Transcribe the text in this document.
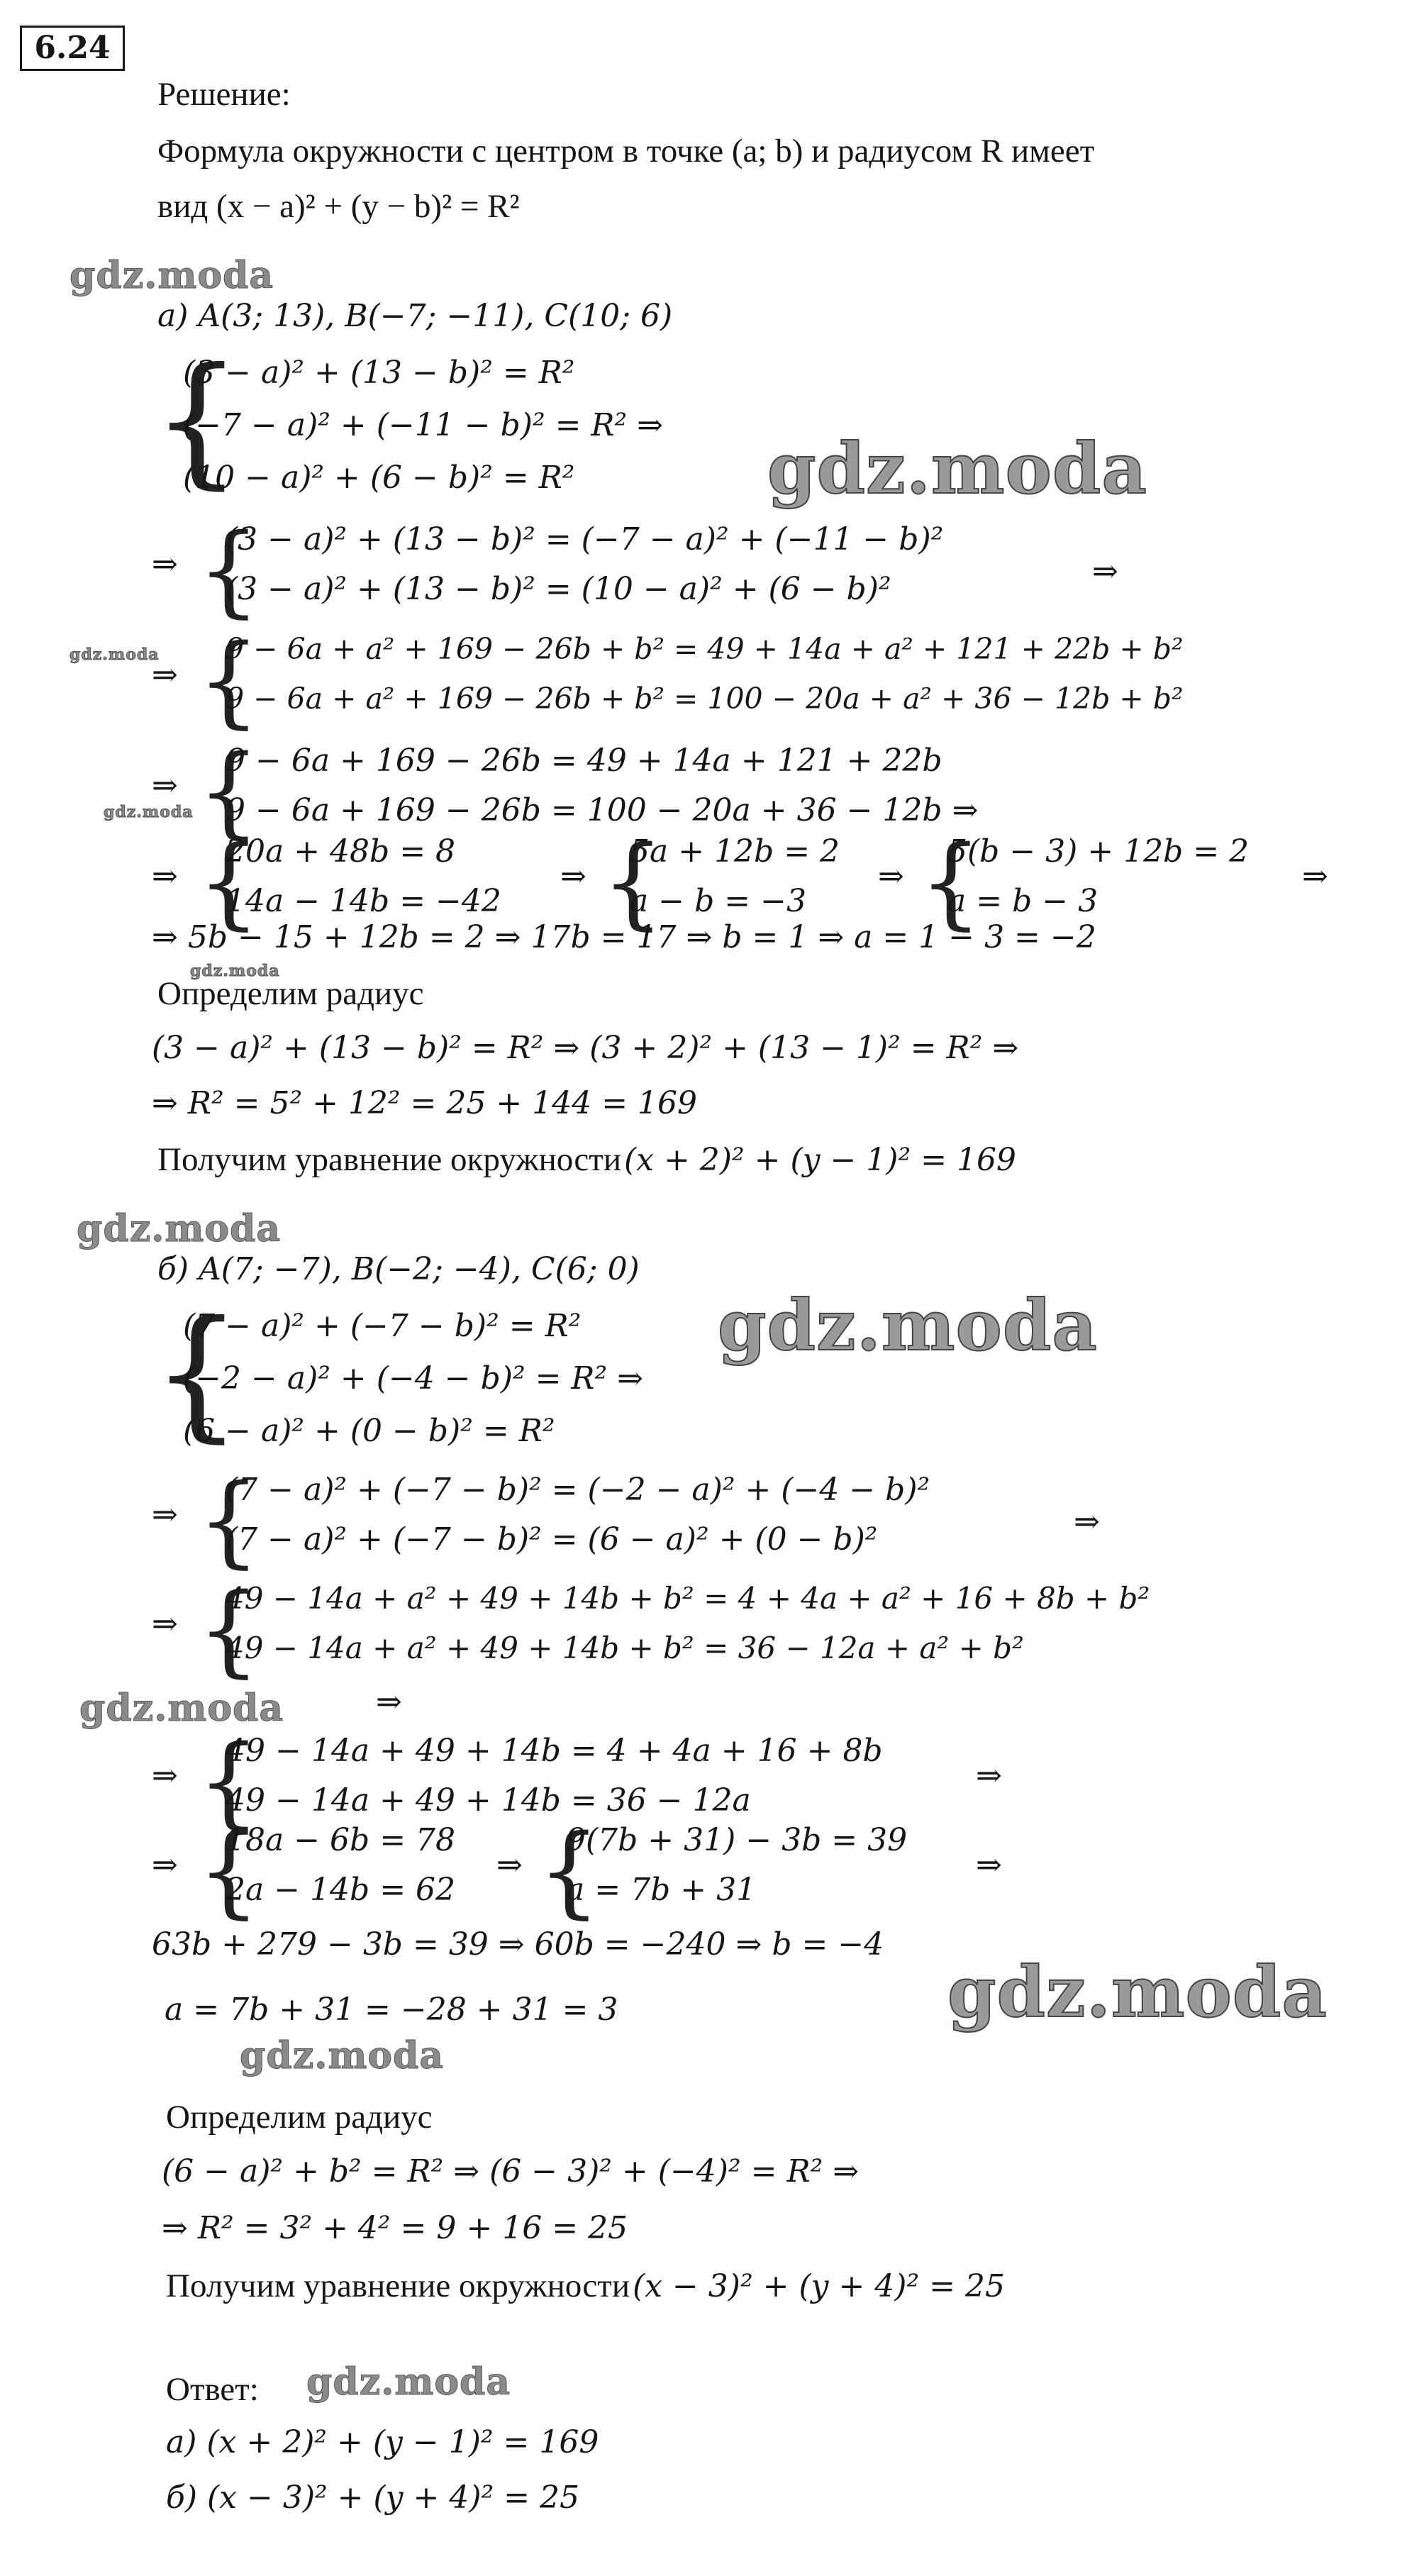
6.24
Решение:
Формула окружности с центром в точке (a; b) и радиусом R имеет
вид (x − a)² + (y − b)² = R²
gdz.moda
а) A(3; 13), B(−7; −11), C(10; 6)
{
(3 − a)² + (13 − b)² = R²
(−7 − a)² + (−11 − b)² = R² ⇒
(10 − a)² + (6 − b)² = R²	gdz.moda
⇒ {
(3 − a)² + (13 − b)² = (−7 − a)² + (−11 − b)²
(3 − a)² + (13 − b)² = (10 − a)² + (6 − b)²	⇒
gdz.moda
⇒ {
9 − 6a + a² + 169 − 26b + b² = 49 + 14a + a² + 121 + 22b + b²
9 − 6a + a² + 169 − 26b + b² = 100 − 20a + a² + 36 − 12b + b²
⇒ {
9 − 6a + 169 − 26b = 49 + 14a + 121 + 22b
9 − 6a + 169 − 26b = 100 − 20a + 36 − 12b ⇒
gdz.moda
⇒ {
20a + 48b = 8
14a − 14b = −42
⇒ {
5a + 12b = 2
a − b = −3
⇒ {
5(b − 3) + 12b = 2
a = b − 3
⇒
⇒ 5b − 15 + 12b = 2 ⇒ 17b = 17 ⇒ b = 1 ⇒ a = 1 − 3 = −2
gdz.moda
Определим радиус
(3 − a)² + (13 − b)² = R² ⇒ (3 + 2)² + (13 − 1)² = R² ⇒
⇒ R² = 5² + 12² = 25 + 144 = 169
Получим уравнение окружности (x + 2)² + (y − 1)² = 169
gdz.moda
б) A(7; −7), B(−2; −4), C(6; 0)
{
(7 − a)² + (−7 − b)² = R²
(−2 − a)² + (−4 − b)² = R² ⇒
(6 − a)² + (0 − b)² = R²
gdz.moda
⇒ {
(7 − a)² + (−7 − b)² = (−2 − a)² + (−4 − b)²
(7 − a)² + (−7 − b)² = (6 − a)² + (0 − b)²	⇒
⇒ {
49 − 14a + a² + 49 + 14b + b² = 4 + 4a + a² + 16 + 8b + b²
49 − 14a + a² + 49 + 14b + b² = 36 − 12a + a² + b²
gdz.moda	⇒
⇒ {
49 − 14a + 49 + 14b = 4 + 4a + 16 + 8b
49 − 14a + 49 + 14b = 36 − 12a
⇒
⇒ {
18a − 6b = 78
2a − 14b = 62
⇒ {
9(7b + 31) − 3b = 39
a = 7b + 31
⇒
63b + 279 − 3b = 39 ⇒ 60b = −240 ⇒ b = −4
a = 7b + 31 = −28 + 31 = 3	gdz.moda
gdz.moda
Определим радиус
(6 − a)² + b² = R² ⇒ (6 − 3)² + (−4)² = R² ⇒
⇒ R² = 3² + 4² = 9 + 16 = 25
Получим уравнение окружности (x − 3)² + (y + 4)² = 25
Ответ: gdz.moda
а) (x + 2)² + (y − 1)² = 169
б) (x − 3)² + (y + 4)² = 25
